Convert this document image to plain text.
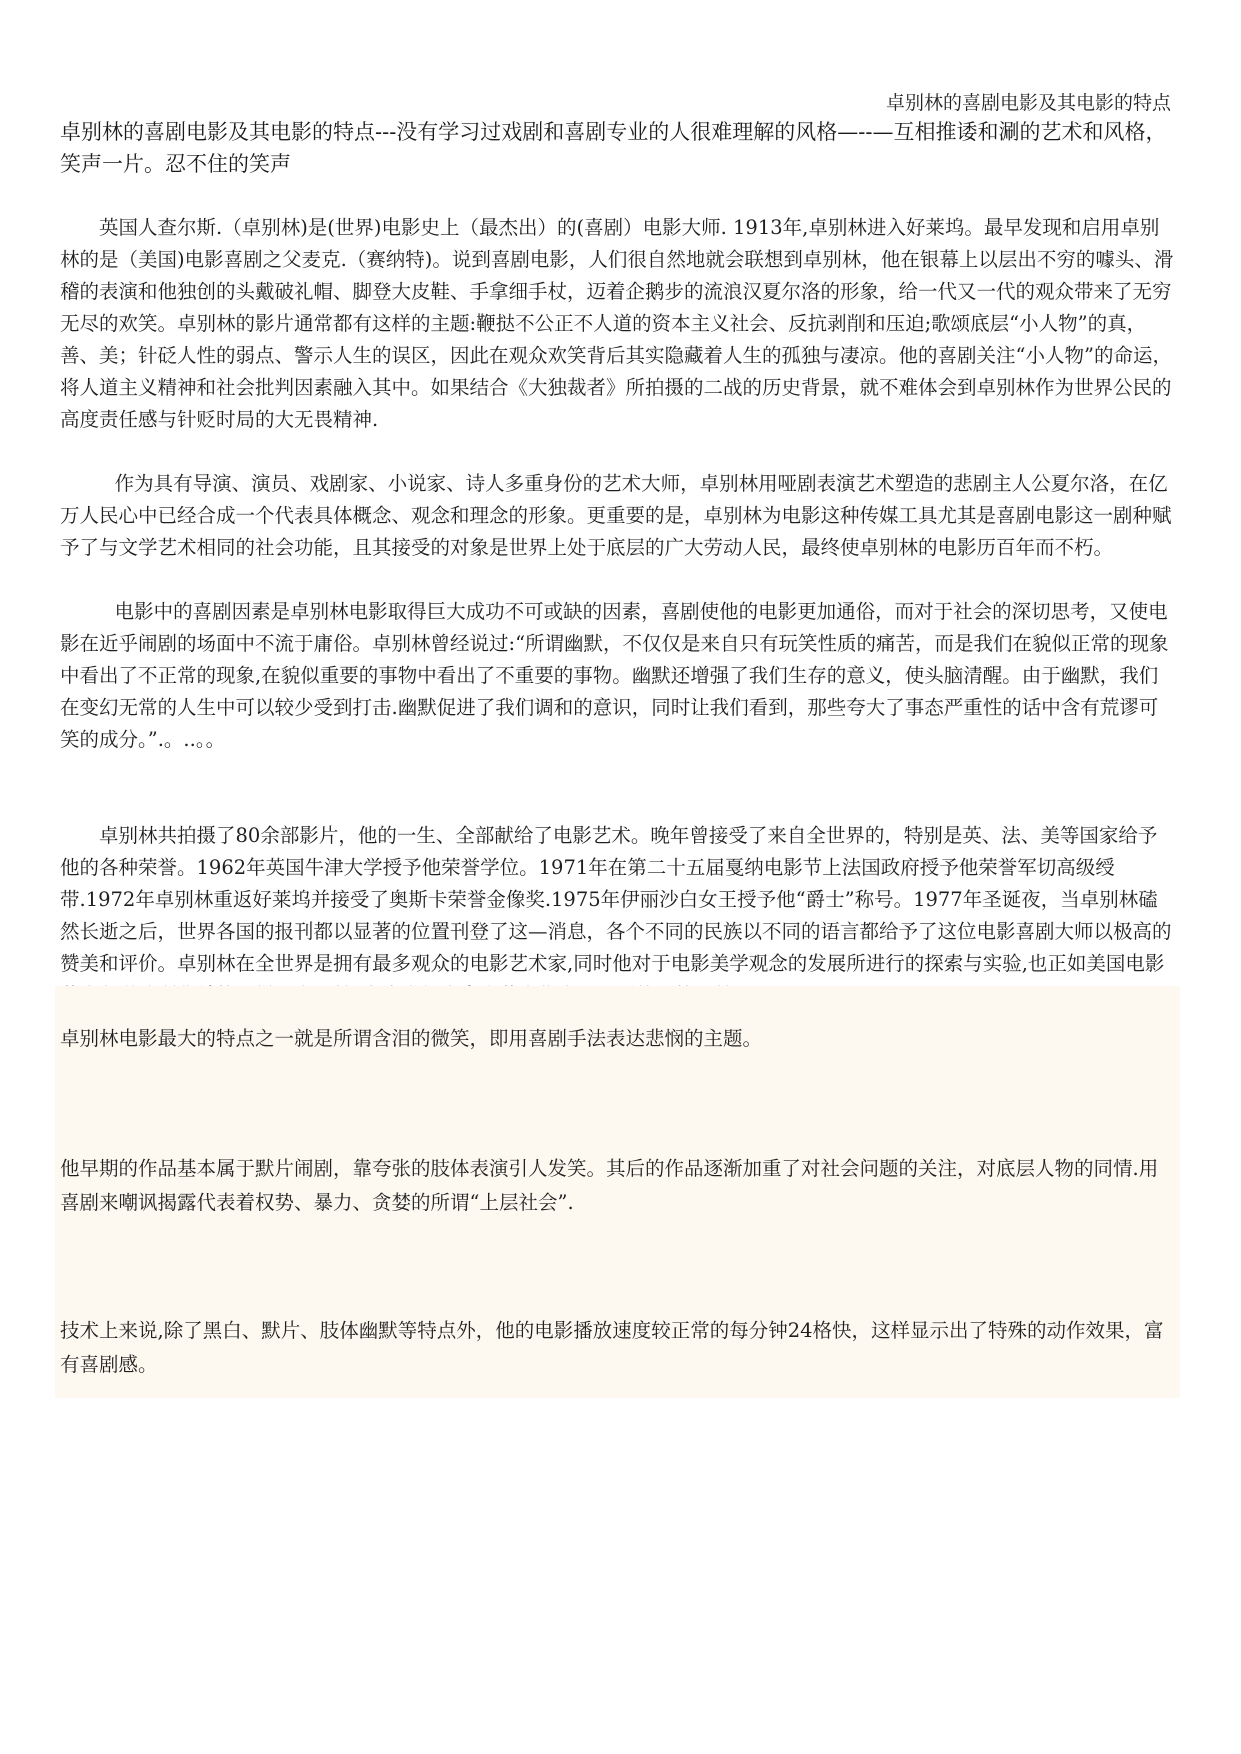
卓别林的喜剧电影及其电影的特点
卓别林的喜剧电影及其电影的特点---没有学习过戏剧和喜剧专业的人很难理解的风格—--—互相推诿和涮的艺术和风格，笑声一片。忍不住的笑声

英国人查尔斯.（卓别林)是(世界)电影史上（最杰出）的(喜剧）电影大师. 1913年,卓别林进入好莱坞。最早发现和启用卓别林的是（美国)电影喜剧之父麦克.（赛纳特)。说到喜剧电影，人们很自然地就会联想到卓别林，他在银幕上以层出不穷的噱头、滑稽的表演和他独创的头戴破礼帽、脚登大皮鞋、手拿细手杖，迈着企鹅步的流浪汉夏尔洛的形象，给一代又一代的观众带来了无穷无尽的欢笑。卓别林的影片通常都有这样的主题:鞭挞不公正不人道的资本主义社会、反抗剥削和压迫;歌颂底层“小人物”的真，善、美；针砭人性的弱点、警示人生的误区，因此在观众欢笑背后其实隐藏着人生的孤独与凄凉。他的喜剧关注“小人物”的命运，将人道主义精神和社会批判因素融入其中。如果结合《大独裁者》所拍摄的二战的历史背景，就不难体会到卓别林作为世界公民的高度责任感与针贬时局的大无畏精神.

作为具有导演、演员、戏剧家、小说家、诗人多重身份的艺术大师，卓别林用哑剧表演艺术塑造的悲剧主人公夏尔洛，在亿万人民心中已经合成一个代表具体概念、观念和理念的形象。更重要的是，卓别林为电影这种传媒工具尤其是喜剧电影这一剧种赋予了与文学艺术相同的社会功能，且其接受的对象是世界上处于底层的广大劳动人民，最终使卓别林的电影历百年而不朽。

电影中的喜剧因素是卓别林电影取得巨大成功不可或缺的因素，喜剧使他的电影更加通俗，而对于社会的深切思考，又使电影在近乎闹剧的场面中不流于庸俗。卓别林曾经说过:“所谓幽默，不仅仅是来自只有玩笑性质的痛苦，而是我们在貌似正常的现象中看出了不正常的现象,在貌似重要的事物中看出了不重要的事物。幽默还增强了我们生存的意义，使头脑清醒。由于幽默，我们在变幻无常的人生中可以较少受到打击.幽默促进了我们调和的意识，同时让我们看到，那些夸大了事态严重性的话中含有荒谬可笑的成分。”.。..。。

卓别林共拍摄了80余部影片，他的一生、全部献给了电影艺术。晚年曾接受了来自全世界的，特别是英、法、美等国家给予他的各种荣誉。1962年英国牛津大学授予他荣誉学位。1971年在第二十五届戛纳电影节上法国政府授予他荣誉军切高级绶带.1972年卓别林重返好莱坞并接受了奥斯卡荣誉金像奖.1975年伊丽沙白女王授予他“爵士”称号。1977年圣诞夜，当卓别林磕然长逝之后，世界各国的报刊都以显著的位置刊登了这—消息，各个不同的民族以不同的语言都给予了这位电影喜剧大师以极高的赞美和评价。卓别林在全世界是拥有最多观众的电影艺术家,同时他对于电影美学观念的发展所进行的探索与实验,也正如美国电影

卓别林电影最大的特点之一就是所谓含泪的微笑，即用喜剧手法表达悲悯的主题。

他早期的作品基本属于默片闹剧，靠夸张的肢体表演引人发笑。其后的作品逐渐加重了对社会问题的关注，对底层人物的同情.用喜剧来嘲讽揭露代表着权势、暴力、贪婪的所谓“上层社会”.

技术上来说,除了黑白、默片、肢体幽默等特点外，他的电影播放速度较正常的每分钟24格快，这样显示出了特殊的动作效果，富有喜剧感。
